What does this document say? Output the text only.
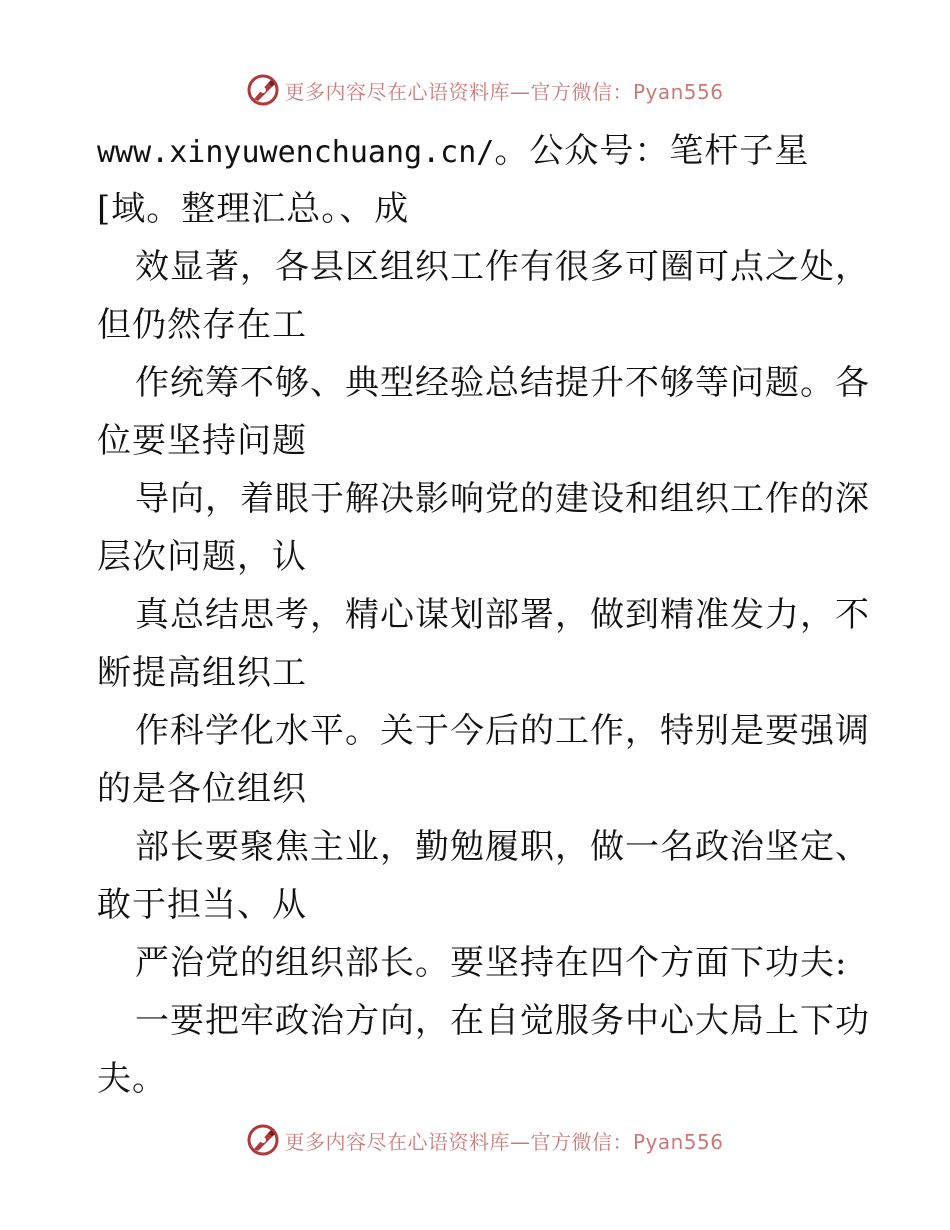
更多内容尽在心语资料库—官方微信：Pyan556
www.xinyuwenchuang.cn/。公众号：笔杆子星
[域。整理汇总。、成
效显著，各县区组织工作有很多可圈可点之处，
但仍然存在工
作统筹不够、典型经验总结提升不够等问题。各
位要坚持问题
导向，着眼于解决影响党的建设和组织工作的深
层次问题，认
真总结思考，精心谋划部署，做到精准发力，不
断提高组织工
作科学化水平。关于今后的工作，特别是要强调
的是各位组织
部长要聚焦主业，勤勉履职，做一名政治坚定、
敢于担当、从
严治党的组织部长。要坚持在四个方面下功夫:
一要把牢政治方向，在自觉服务中心大局上下功
夫。
更多内容尽在心语资料库—官方微信：Pyan556
